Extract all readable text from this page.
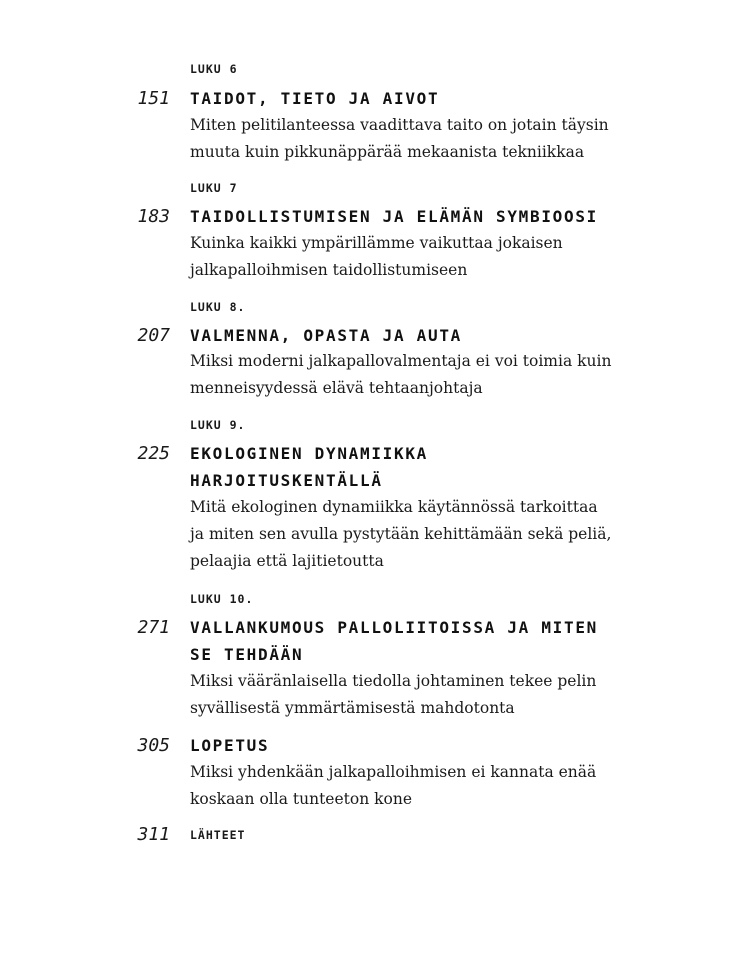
LUKU 6
151 TAIDOT, TIETO JA AIVOT
Miten pelitilanteessa vaadittava taito on jotain täysin
muuta kuin pikkunäppärää mekaanista tekniikkaa
LUKU 7
183 TAIDOLLISTUMISEN JA ELÄMÄN SYMBIOOSI
Kuinka kaikki ympärillämme vaikuttaa jokaisen
jalkapalloihmisen taidollistumiseen
LUKU 8.
207 VALMENNA, OPASTA JA AUTA
Miksi moderni jalkapallovalmentaja ei voi toimia kuin
menneisyydessä elävä tehtaanjohtaja
LUKU 9.
225 EKOLOGINEN DYNAMIIKKA
HARJOITUSKENTÄLLÄ
Mitä ekologinen dynamiikka käytännössä tarkoittaa
ja miten sen avulla pystytään kehittämään sekä peliä,
pelaajia että lajitietoutta
LUKU 10.
271 VALLANKUMOUS PALLOLIITOISSA JA MITEN
SE TEHDÄÄN
Miksi vääränlaisella tiedolla johtaminen tekee pelin
syvällisestä ymmärtämisestä mahdotonta
305 LOPETUS
Miksi yhdenkään jalkapalloihmisen ei kannata enää
koskaan olla tunteeton kone
311 LÄHTEET
